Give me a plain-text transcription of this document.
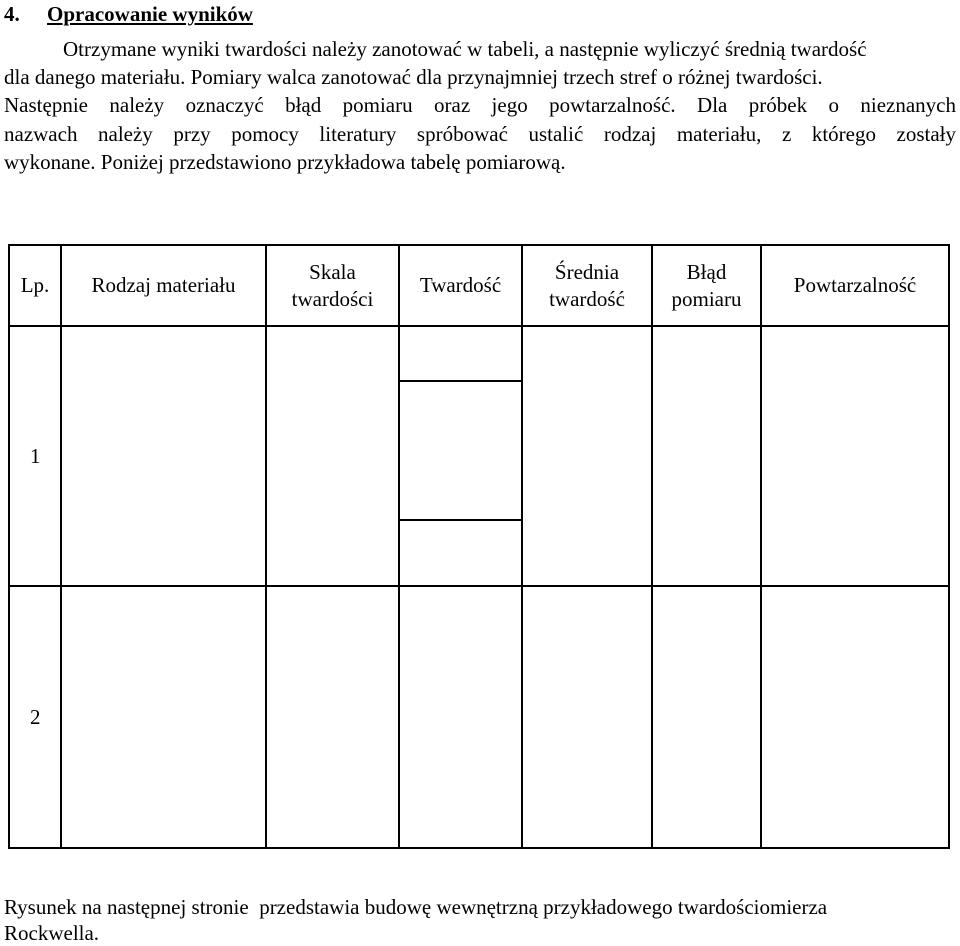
4. Opracowanie wyników
Otrzymane wyniki twardości należy zanotować w tabeli, a następnie wyliczyć średnią twardość
dla danego materiału. Pomiary walca zanotować dla przynajmniej trzech stref o różnej twardości.
Następnie należy oznaczyć błąd pomiaru oraz jego powtarzalność. Dla próbek o nieznanych
nazwach należy przy pomocy literatury spróbować ustalić rodzaj materiału, z którego zostały
wykonane. Poniżej przedstawiono przykładowa tabelę pomiarową.
Lp. Rodzaj materiału
Skala
twardości
Twardość
Średnia
twardość
Błąd
pomiaru
Powtarzalność
1
2
Rysunek na następnej stronie  przedstawia budowę wewnętrzną przykładowego twardościomierza
Rockwella.
